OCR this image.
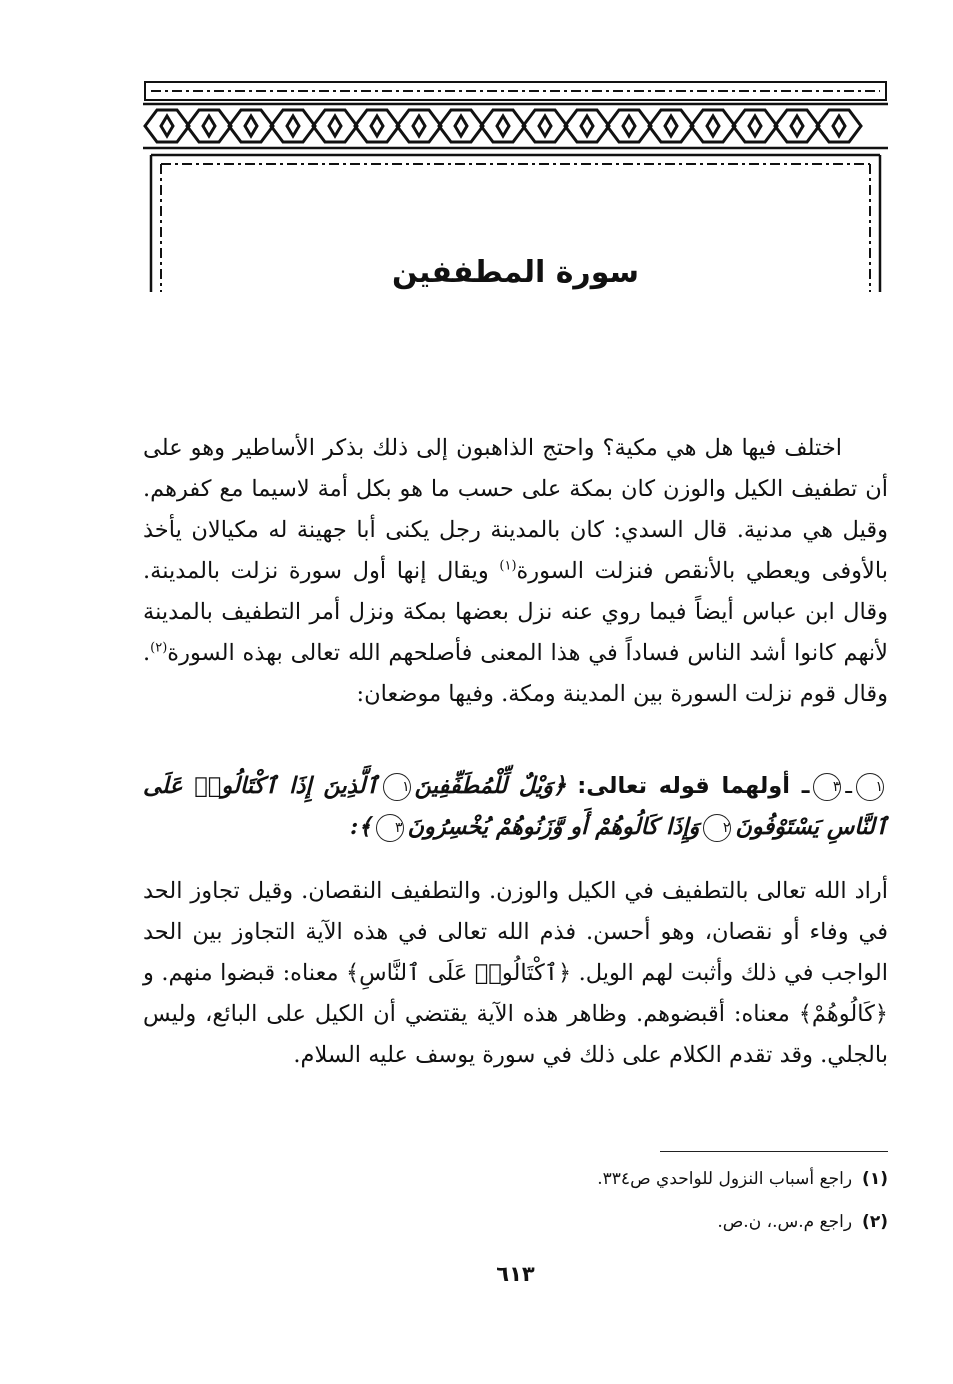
سورة المطففين
اختلف فيها هل هي مكية؟ واحتج الذاهبون إلى ذلك بذكر الأساطير وهو على أن تطفيف الكيل والوزن كان بمكة على حسب ما هو بكل أمة لاسيما مع كفرهم. وقيل هي مدنية. قال السدي: كان بالمدينة رجل يكنى أبا جهينة له مكيالان يأخذ بالأوفى ويعطي بالأنقص فنزلت السورة$^{(١)}$ ويقال إنها أول سورة نزلت بالمدينة. وقال ابن عباس أيضاً فيما روي عنه نزل بعضها بمكة ونزل أمر التطفيف بالمدينة لأنهم كانوا أشد الناس فساداً في هذا المعنى فأصلحهم الله تعالى بهذه السورة$^{(٢)}$. وقال قوم نزلت السورة بين المدينة ومكة. وفيها موضعان:
١ـ٣ـ أولهما قوله تعالى: ﴿وَيْلٌ لِّلْمُطَفِّفِينَ١ٱلَّذِينَ إِذَا ٱكْتَالُوا۟ عَلَى ٱلنَّاسِ يَسْتَوْفُونَ٢وَإِذَا كَالُوهُمْ أَو وَّزَنُوهُمْ يُخْسِرُونَ٣﴾:
أراد الله تعالى بالتطفيف في الكيل والوزن. والتطفيف النقصان. وقيل تجاوز الحد في وفاء أو نقصان، وهو أحسن. فذم الله تعالى في هذه الآية التجاوز بين الحد الواجب في ذلك وأثبت لهم الويل. ﴿ٱكْتَالُوا۟ عَلَى ٱلنَّاسِ﴾ معناه: قبضوا منهم. و ﴿كَالُوهُمْ﴾ معناه: أقبضوهم. وظاهر هذه الآية يقتضي أن الكيل على البائع، وليس بالجلي. وقد تقدم الكلام على ذلك في سورة يوسف عليه السلام.
(١)راجع أسباب النزول للواحدي ص٣٣٤.
(٢)راجع م.س.، ن.ص.
٦١٣
